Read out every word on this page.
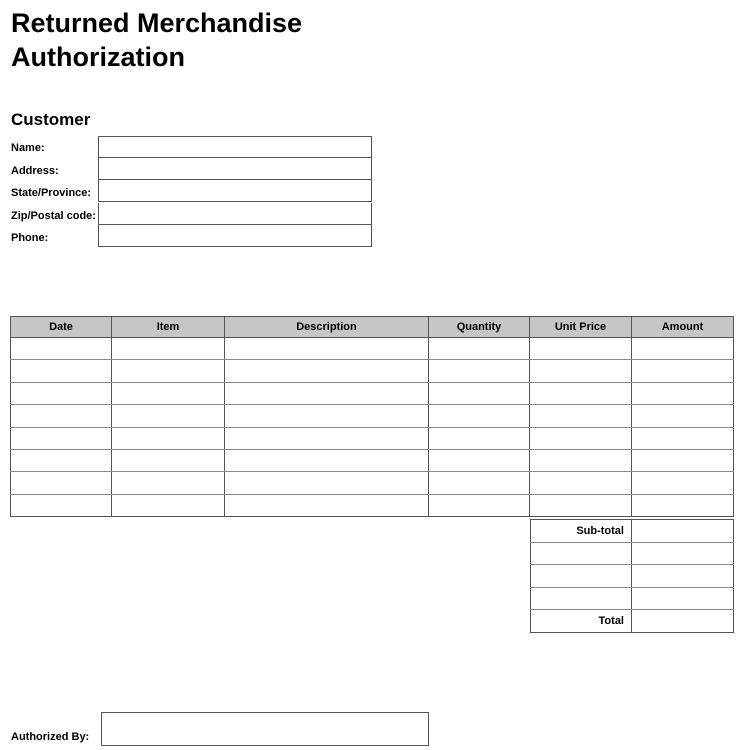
Returned Merchandise
Authorization
Customer
Name:
Address:
State/Province:
Zip/Postal code:
Phone:
Date	Item	Description	Quantity	Unit Price	Amount

Sub-total	

Total	
Authorized By:
